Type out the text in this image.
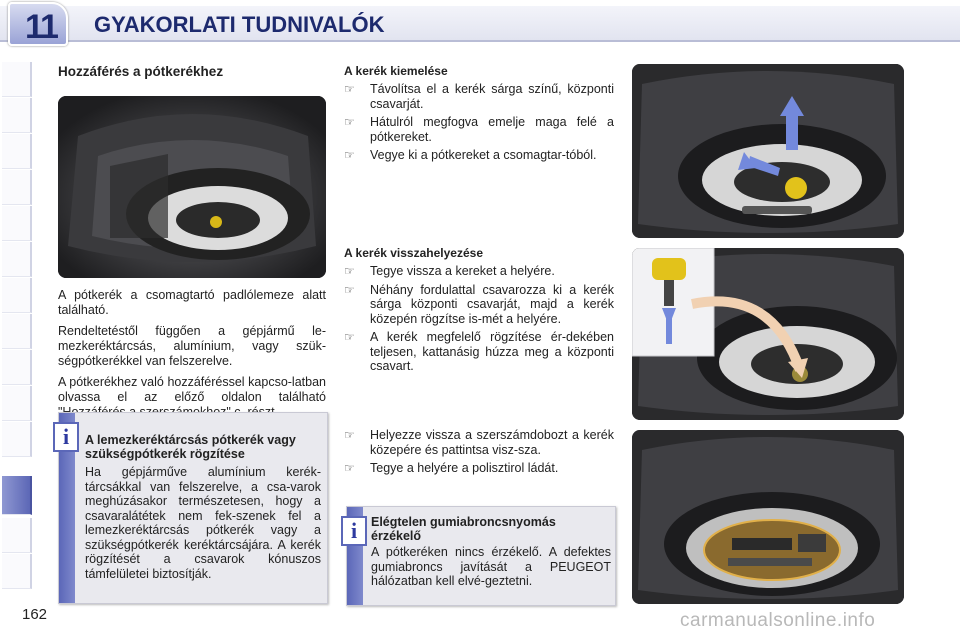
11 GYAKORLATI TUDNIVALÓK
Hozzáférés a pótkerékhez

A pótkerék a csomagtartó padlólemeze alatt található.

Rendeltetéstől függően a gépjármű le-mezkeréktárcsás, alumínium, vagy szük-ségpótkerékkel van felszerelve.

A pótkerékhez való hozzáféréssel kapcso-latban olvassa el az előző oldalon található

A lemezkeréktárcsás pótkerék vagy szükségpótkerék rögzítése
Ha gépjárműve alumínium kerék-tárcsákkal van felszerelve, a csa-varok meghúzásakor természetesen, hogy a csavaralátétek nem fek-szenek fel a lemezkeréktárcsás pótkerék vagy a szükségpótkerék keréktárcsájára. A kerék rögzítését a csavarok kónuszos támfelületei biztosítják.
i
A kerék kiemelése
☞ Távolítsa el a kerék sárga színű, központi csavarját.
☞ Hátulról megfogva emelje maga felé a pótkereket.
☞ Vegye ki a pótkereket a csomagtar-tóból.
A kerék visszahelyezése
☞ Tegye vissza a kereket a helyére.
☞ Néhány fordulattal csavarozza ki a kerék sárga központi csavarját, majd a kerék közepén rögzítse is-mét a helyére.
☞ A kerék megfelelő rögzítése ér-dekében teljesen, kattanásig húzza meg a központi csavart.
☞ Helyezze vissza a szerszámdobozt a kerék közepére és pattintsa visz-sza.
☞ Tegye a helyére a polisztirol ládát.
Elégtelen gumiabroncsnyomás érzékelő
A pótkeréken nincs érzékelő. A defektes gumiabroncs javítását a PEUGEOT hálózatban kell elvé-geztetni.
i
162	carmanualsonline.info
